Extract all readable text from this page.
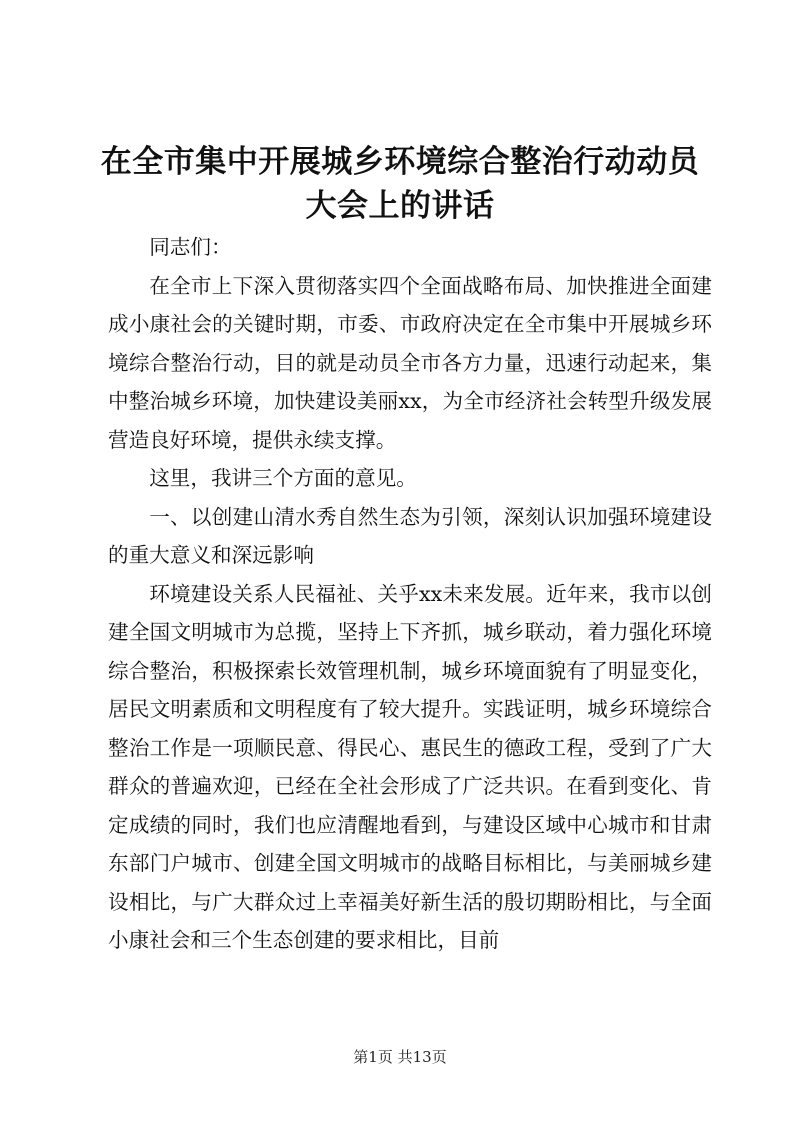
在全市集中开展城乡环境综合整治行动动员大会上的讲话

同志们：

在全市上下深入贯彻落实四个全面战略布局、加快推进全面建成小康社会的关键时期，市委、市政府决定在全市集中开展城乡环境综合整治行动，目的就是动员全市各方力量，迅速行动起来，集中整治城乡环境，加快建设美丽xx，为全市经济社会转型升级发展营造良好环境，提供永续支撑。

这里，我讲三个方面的意见。

一、以创建山清水秀自然生态为引领，深刻认识加强环境建设的重大意义和深远影响

环境建设关系人民福祉、关乎xx未来发展。近年来，我市以创建全国文明城市为总揽，坚持上下齐抓，城乡联动，着力强化环境综合整治，积极探索长效管理机制，城乡环境面貌有了明显变化，居民文明素质和文明程度有了较大提升。实践证明，城乡环境综合整治工作是一项顺民意、得民心、惠民生的德政工程，受到了广大群众的普遍欢迎，已经在全社会形成了广泛共识。在看到变化、肯定成绩的同时，我们也应清醒地看到，与建设区域中心城市和甘肃东部门户城市、创建全国文明城市的战略目标相比，与美丽城乡建设相比，与广大群众过上幸福美好新生活的殷切期盼相比，与全面小康社会和三个生态创建的要求相比，目前

第1页 共13页
